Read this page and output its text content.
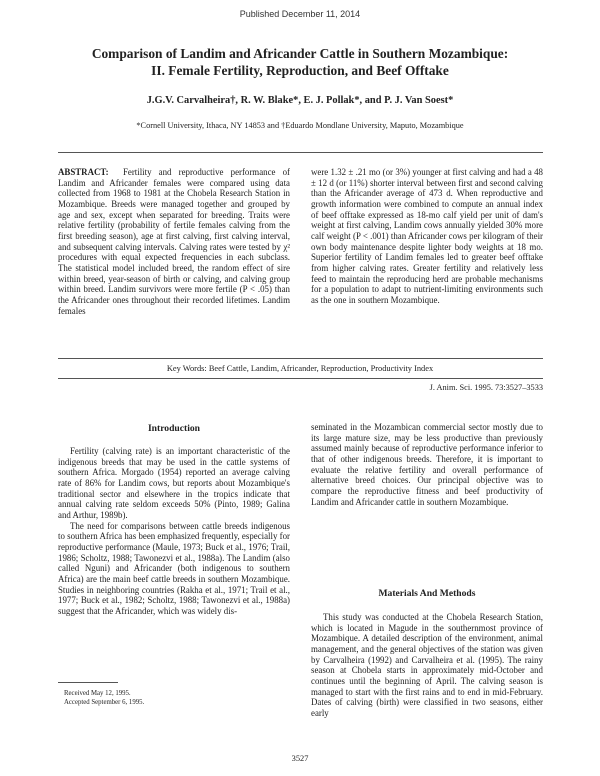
Published December 11, 2014
Comparison of Landim and Africander Cattle in Southern Mozambique:
II. Female Fertility, Reproduction, and Beef Offtake
J.G.V. Carvalheira†, R. W. Blake*, E. J. Pollak*, and P. J. Van Soest*
*Cornell University, Ithaca, NY 14853 and †Eduardo Mondlane University, Maputo, Mozambique

ABSTRACT: Fertility and reproductive performance of Landim and Africander females were compared using data collected from 1968 to 1981 at the Chobela Research Station in Mozambique. Breeds were managed together and grouped by age and sex, except when separated for breeding. Traits were relative fertility (probability of fertile females calving from the first breeding season), age at first calving, first calving interval, and subsequent calving intervals. Calving rates were tested by χ² procedures with equal expected frequencies in each subclass. The statistical model included breed, the random effect of sire within breed, year-season of birth or calving, and calving group within breed. Landim survivors were more fertile (P < .05) than the Africander ones throughout their recorded lifetimes. Landim females

were 1.32 ± .21 mo (or 3%) younger at first calving and had a 48 ± 12 d (or 11%) shorter interval between first and second calving than the Africander average of 473 d. When reproductive and growth information were combined to compute an annual index of beef offtake expressed as 18-mo calf yield per unit of dam's weight at first calving, Landim cows annually yielded 30% more calf weight (P < .001) than Africander cows per kilogram of their own body maintenance despite lighter body weights at 18 mo. Superior fertility of Landim females led to greater beef offtake from higher calving rates. Greater fertility and relatively less feed to maintain the reproducing herd are probable mechanisms for a population to adapt to nutrient-limiting environments such as the one in southern Mozambique.

Key Words: Beef Cattle, Landim, Africander, Reproduction, Productivity Index
J. Anim. Sci. 1995. 73:3527–3533
Introduction

Fertility (calving rate) is an important characteristic of the indigenous breeds that may be used in the cattle systems of southern Africa. Morgado (1954) reported an average calving rate of 86% for Landim cows, but reports about Mozambique's traditional sector and elsewhere in the tropics indicate that annual calving rate seldom exceeds 50% (Pinto, 1989; Galina and Arthur, 1989b).

The need for comparisons between cattle breeds indigenous to southern Africa has been emphasized frequently, especially for reproductive performance (Maule, 1973; Buck et al., 1976; Trail, 1986; Scholtz, 1988; Tawonezvi et al., 1988a). The Landim (also called Nguni) and Africander (both indigenous to southern Africa) are the main beef cattle breeds in southern Mozambique. Studies in neighboring countries (Rakha et al., 1971; Trail et al., 1977; Buck et al., 1982; Scholtz, 1988; Tawonezvi et al., 1988a) suggest that the Africander, which was widely dis-

seminated in the Mozambican commercial sector mostly due to its large mature size, may be less productive than previously assumed mainly because of reproductive performance inferior to that of other indigenous breeds. Therefore, it is important to evaluate the relative fertility and overall performance of alternative breed choices. Our principal objective was to compare the reproductive fitness and beef productivity of Landim and Africander cattle in southern Mozambique.

Materials And Methods

This study was conducted at the Chobela Research Station, which is located in Magude in the southernmost province of Mozambique. A detailed description of the environment, animal management, and the general objectives of the station was given by Carvalheira (1992) and Carvalheira et al. (1995). The rainy season at Chobela starts in approximately mid-October and continues until the beginning of April. The calving season is managed to start with the first rains and to end in mid-February. Dates of calving (birth) were classified in two seasons, either early

Received May 12, 1995.
Accepted September 6, 1995.
3527
